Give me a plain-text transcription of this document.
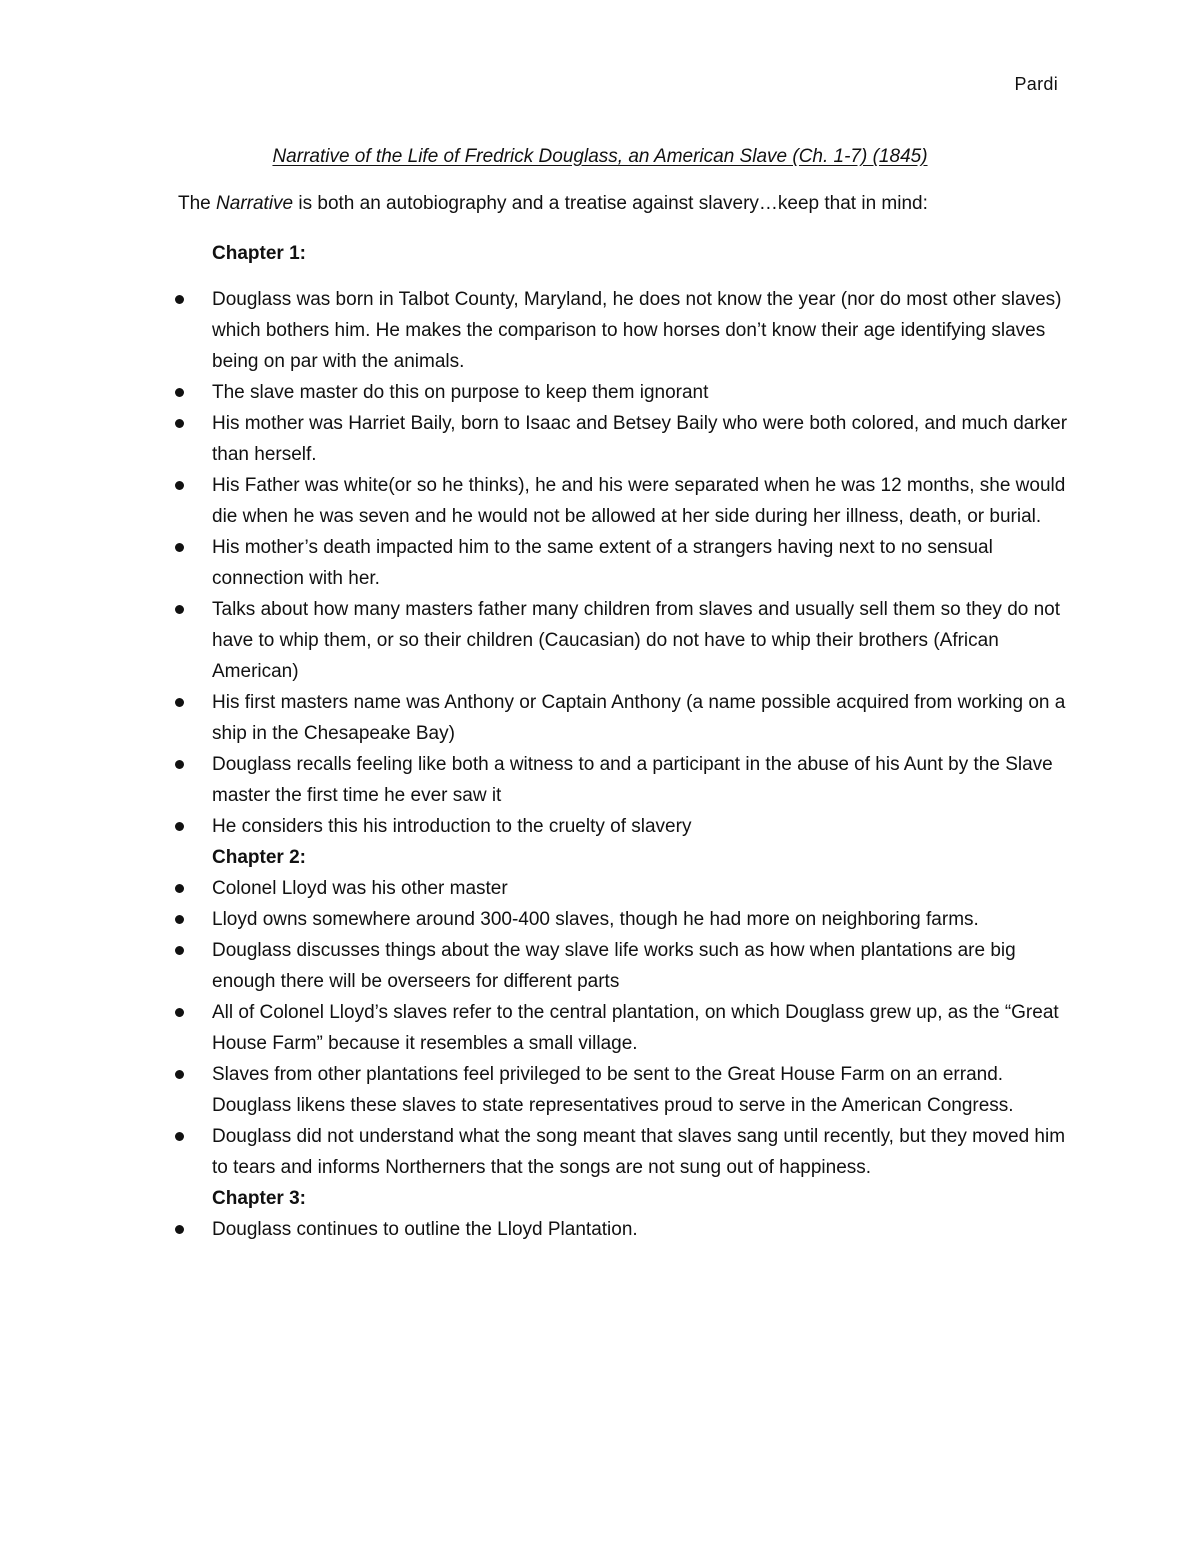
Pardi
Narrative of the Life of Fredrick Douglass, an American Slave (Ch. 1-7) (1845)
The Narrative is both an autobiography and a treatise against slavery…keep that in mind:
Chapter 1:
Douglass was born in Talbot County, Maryland, he does not know the year (nor do most other slaves) which bothers him. He makes the comparison to how horses don’t know their age identifying slaves being on par with the animals.
The slave master do this on purpose to keep them ignorant
His mother was Harriet Baily, born to Isaac and Betsey Baily who were both colored, and much darker than herself.
His Father was white(or so he thinks), he and his were separated when he was 12 months, she would die when he was seven and he would not be allowed at her side during her illness, death, or burial.
His mother’s death impacted him to the same extent of a strangers having next to no sensual connection with her.
Talks about how many masters father many children from slaves and usually sell them so they do not have to whip them, or so their children (Caucasian) do not have to whip their brothers (African American)
His first masters name was Anthony or Captain Anthony (a name possible acquired from working on a ship in the Chesapeake Bay)
Douglass recalls feeling like both a witness to and a participant in the abuse of his Aunt by the Slave master the first time he ever saw it
He considers this his introduction to the cruelty of slavery
Chapter 2:
Colonel Lloyd was his other master
Lloyd owns somewhere around 300-400 slaves, though he had more on neighboring farms.
Douglass discusses things about the way slave life works such as how when plantations are big enough there will be overseers for different parts
All of Colonel Lloyd’s slaves refer to the central plantation, on which Douglass grew up, as the “Great House Farm” because it resembles a small village.
Slaves from other plantations feel privileged to be sent to the Great House Farm on an errand. Douglass likens these slaves to state representatives proud to serve in the American Congress.
Douglass did not understand what the song meant that slaves sang until recently, but they moved him to tears and informs Northerners that the songs are not sung out of happiness.
Chapter 3:
Douglass continues to outline the Lloyd Plantation.
